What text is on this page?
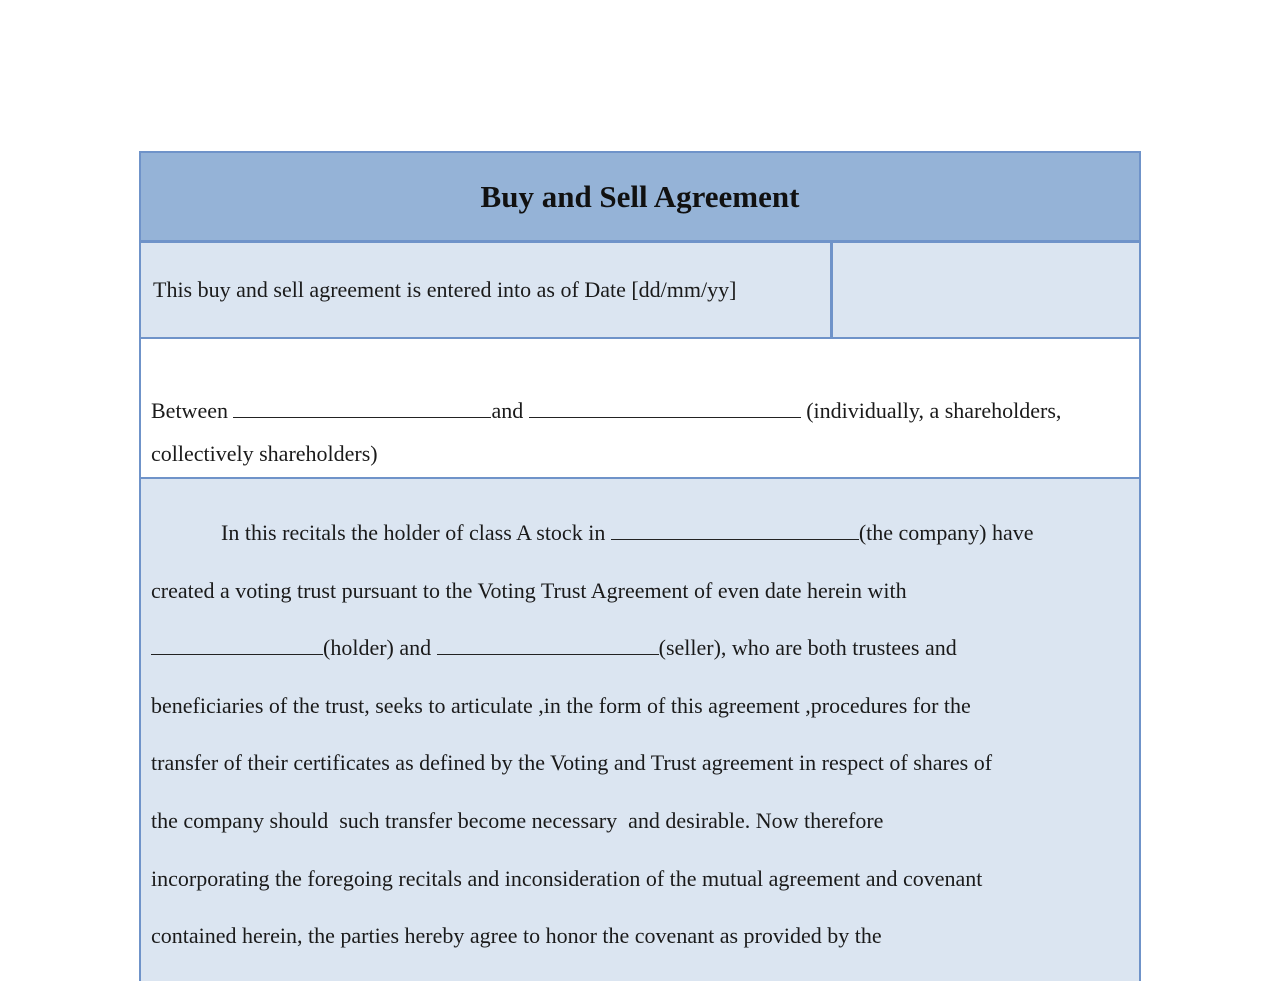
Buy and Sell Agreement
This buy and sell agreement is entered into as of Date [dd/mm/yy]
Between	and	(individually, a shareholders,
collectively shareholders)
In this recitals the holder of class A stock in	(the company) have
created a voting trust pursuant to the Voting Trust Agreement of even date herein with
(holder) and	(seller), who are both trustees and
beneficiaries of the trust, seeks to articulate ,in the form of this agreement ,procedures for the
transfer of their certificates as defined by the Voting and Trust agreement in respect of shares of
the company should  such transfer become necessary  and desirable. Now therefore
incorporating the foregoing recitals and inconsideration of the mutual agreement and covenant
contained herein, the parties hereby agree to honor the covenant as provided by the
